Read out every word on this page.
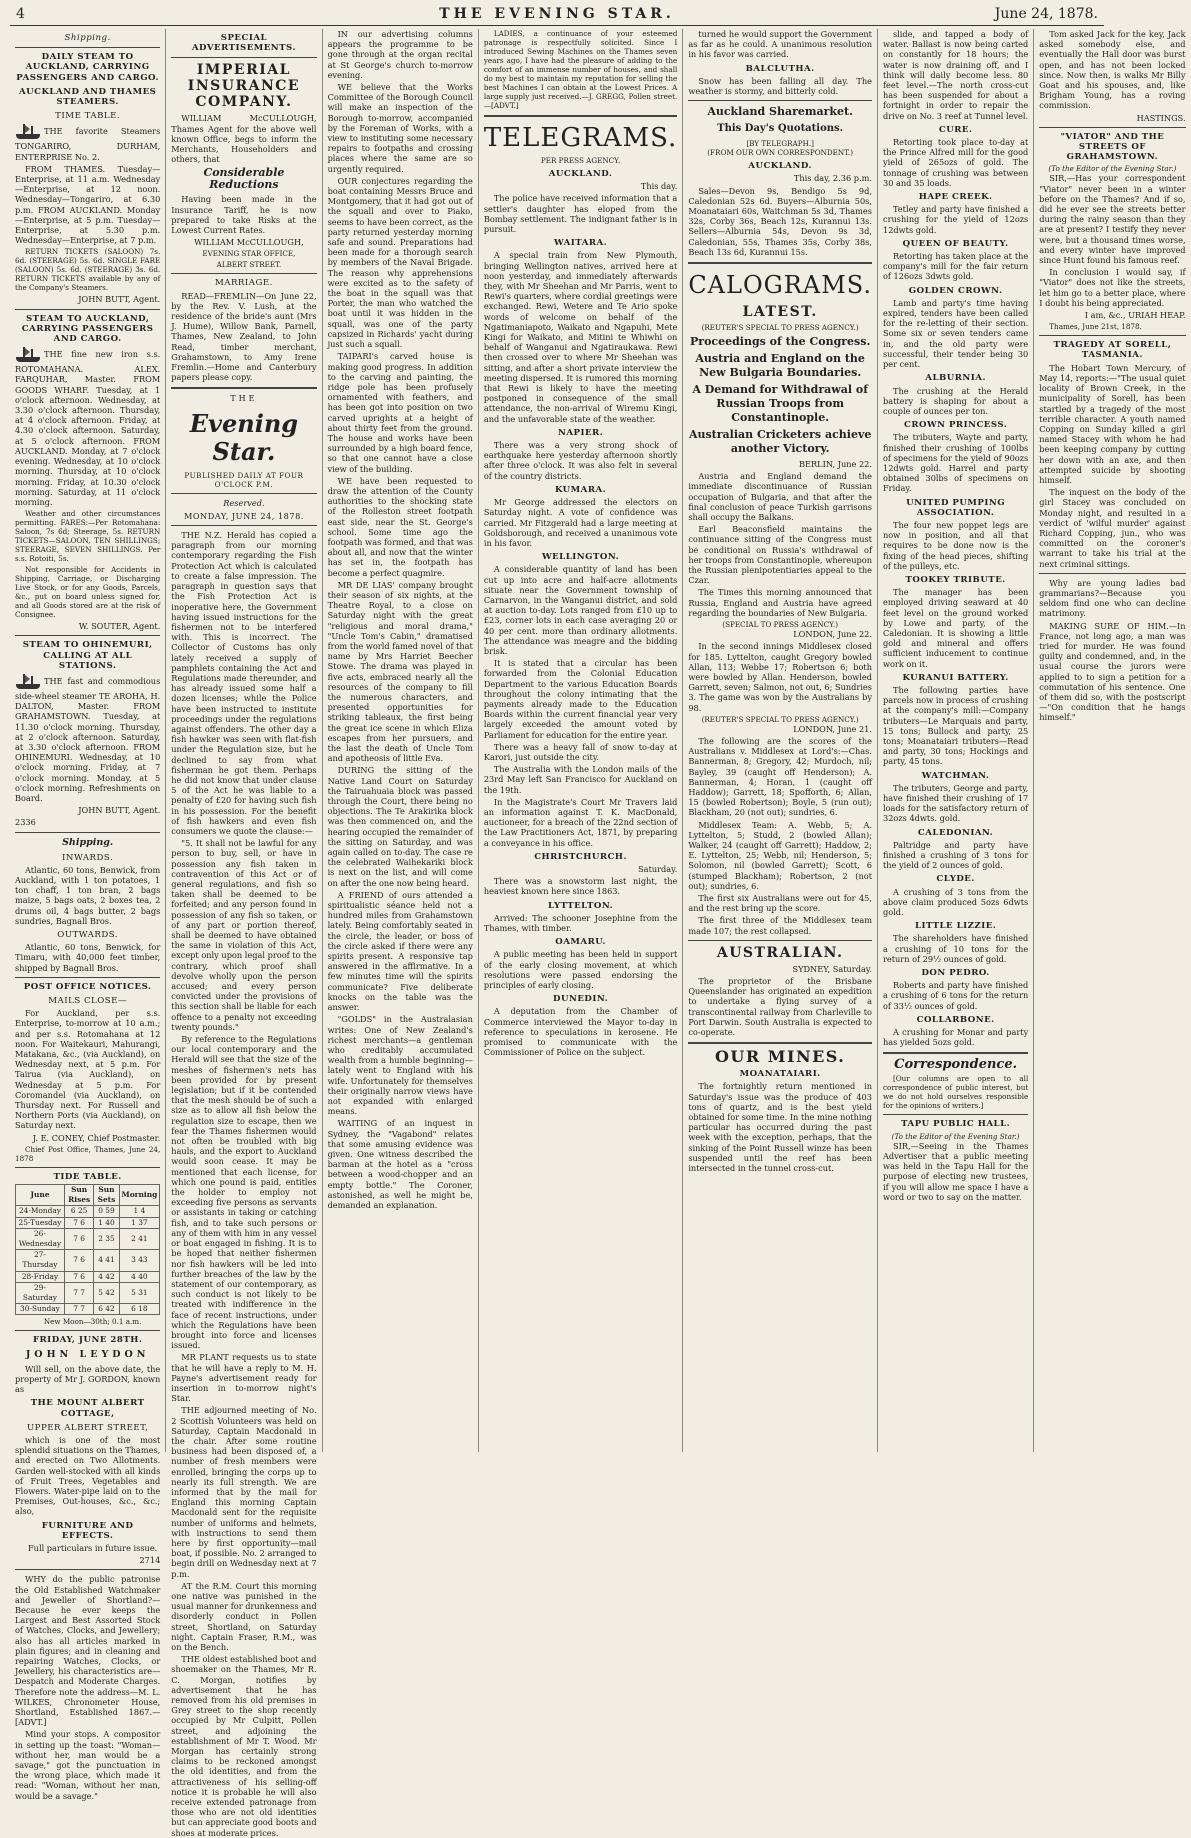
4	THE EVENING STAR.	June 24, 1878.
Shipping.
DAILY STEAM TO AUCKLAND, CARRYING PASSENGERS AND CARGO.
AUCKLAND AND THAMES STEAMERS.
TIME TABLE.

THE favorite Steamers TONGARIRO, DURHAM, ENTERPRISE No. 2.

FROM THAMES. Tuesday—Enterprise, at 11 a.m. Wednesday—Enterprise, at 12 noon. Wednesday—Tongariro, at 6.30 p.m. FROM AUCKLAND. Monday—Enterprise, at 5 p.m. Tuesday—Enterprise, at 5.30 p.m. Wednesday—Enterprise, at 7 p.m.

RETURN TICKETS (SALOON) 7s. 6d. (STEERAGE) 5s. 6d. SINGLE FARE (SALOON) 5s. 6d. (STEERAGE) 3s. 6d. RETURN TICKETS available by any of the Company's Steamers.

JOHN BUTT, Agent.

STEAM TO AUCKLAND, CARRYING PASSENGERS AND CARGO.

THE fine new iron s.s. ROTOMAHANA. ALEX. FARQUHAR, Master. FROM GOODS WHARF. Tuesday, at 1 o'clock afternoon. Wednesday, at 3.30 o'clock afternoon. Thursday, at 4 o'clock afternoon. Friday, at 4.30 o'clock afternoon. Saturday, at 5 o'clock afternoon. FROM AUCKLAND. Monday, at 7 o'clock evening. Wednesday, at 10 o'clock morning. Thursday, at 10 o'clock morning. Friday, at 10.30 o'clock morning. Saturday, at 11 o'clock morning.

Weather and other circumstances permitting. FARES:—Per Rotomahana: Saloon, 7s 6d; Steerage, 5s. RETURN TICKETS—SALOON, TEN SHILLINGS; STEERAGE, SEVEN SHILLINGS. Per s.s. Rotoiti, 5s.

Not responsible for Accidents in Shipping, Carriage, or Discharging Live Stock, or for any Goods, Parcels, &c., put on board unless signed for, and all Goods stored are at the risk of Consignee.

W. SOUTER, Agent.

STEAM TO OHINEMURI, CALLING AT ALL STATIONS.

THE fast and commodious side-wheel steamer TE AROHA, H. DALTON, Master. FROM GRAHAMSTOWN. Tuesday, at 11.30 o'clock morning. Thursday, at 2 o'clock afternoon. Saturday, at 3.30 o'clock afternoon. FROM OHINEMURI. Wednesday, at 10 o'clock morning. Friday, at 7 o'clock morning. Monday, at 5 o'clock morning. Refreshments on Board.

JOHN BUTT, Agent.

2336

Shipping.
INWARDS.

Atlantic, 60 tons, Benwick, from Auckland, with 1 ton potatoes, 1 ton chaff, 1 ton bran, 2 bags maize, 5 bags oats, 2 boxes tea, 2 drums oil, 4 bags butter, 2 bags sundries, Bagnall Bros.

OUTWARDS.

Atlantic, 60 tons, Benwick, for Timaru, with 40,000 feet timber, shipped by Bagnall Bros.

POST OFFICE NOTICES.
MAILS CLOSE—

For Auckland, per s.s. Enterprise, to-morrow at 10 a.m.; and per s.s. Rotomahana at 12 noon. For Waitekauri, Mahurangi, Matakana, &c., (via Auckland), on Wednesday next, at 5 p.m. For Tairua (via Auckland), on Wednesday at 5 p.m. For Coromandel (via Auckland), on Thursday next. For Russell and Northern Ports (via Auckland), on Saturday next.

J. E. CONEY, Chief Postmaster.

Chief Post Office, Thames, June 24, 1878

TIDE TABLE.
June	Sun Rises	Sun Sets	Morning
24-Monday	6 25	0 59	1 4
25-Tuesday	7 6	1 40	1 37
26-Wednesday	7 6	2 35	2 41
27-Thursday	7 6	4 41	3 43
28-Friday	7 6	4 42	4 40
29-Saturday	7 7	5 42	5 31
30-Sunday	7 7	6 42	6 18

New Moon—30th; 0.1 a.m.

FRIDAY, JUNE 28TH.
JOHN LEYDON

Will sell, on the above date, the property of Mr J. GORDON, known as

THE MOUNT ALBERT COTTAGE,
UPPER ALBERT STREET,

which is one of the most splendid situations on the Thames, and erected on Two Allotments. Garden well-stocked with all kinds of Fruit Trees, Vegetables and Flowers. Water-pipe laid on to the Premises, Out-houses, &c., &c.; also,

FURNITURE AND EFFECTS.

Full particulars in future issue.

2714

WHY do the public patronise the Old Established Watchmaker and Jeweller of Shortland?—Because he ever keeps the Largest and Best Assorted Stock of Watches, Clocks, and Jewellery; also has all articles marked in plain figures; and in cleaning and repairing Watches, Clocks, or Jewellery, his characteristics are—Despatch and Moderate Charges. Therefore note the address—M. L. WILKES, Chronometer House, Shortland, Established 1867.—[ADVT.]

Mind your stops. A compositor in setting up the toast: "Woman—without her, man would be a savage," got the punctuation in the wrong place, which made it read: "Woman, without her man, would be a savage."

SPECIAL ADVERTISEMENTS.
IMPERIAL INSURANCE COMPANY.

WILLIAM McCULLOUGH, Thames Agent for the above well known Office, begs to inform the Merchants, Householders and others, that

Considerable Reductions

Having been made in the Insurance Tariff, he is now prepared to take Risks at the Lowest Current Rates.

WILLIAM McCULLOUGH,

EVENING STAR OFFICE,

ALBERT STREET.

MARRIAGE.

READ—FREMLIN—On June 22, by the Rev. V. Lush, at the residence of the bride's aunt (Mrs J. Hume), Willow Bank, Parnell, Thames, New Zealand, to John Read, timber merchant, Grahamstown, to Amy Irene Fremlin.—Home and Canterbury papers please copy.

THE
Evening Star.
PUBLISHED DAILY AT FOUR O'CLOCK P.M.
Reserved.
MONDAY, JUNE 24, 1878.

THE N.Z. Herald has copied a paragraph from our morning contemporary regarding the Fish Protection Act which is calculated to create a false impression. The paragraph in question says that the Fish Protection Act is inoperative here, the Government having issued instructions for the fishermen not to be interfered with. This is incorrect. The Collector of Customs has only lately received a supply of pamphlets containing the Act and Regulations made thereunder, and has already issued some half a dozen licenses; while the Police have been instructed to institute proceedings under the regulations against offenders. The other day a fish hawker was seen with flat-fish under the Regulation size, but he declined to say from what fisherman he got them. Perhaps he did not know that under clause 5 of the Act he was liable to a penalty of £20 for having such fish in his possession. For the benefit of fish hawkers and even fish consumers we quote the clause:—

"5. It shall not be lawful for any person to buy, sell, or have in possession any fish taken in contravention of this Act or of general regulations, and fish so taken shall be deemed to be forfeited; and any person found in possession of any fish so taken, or of any part or portion thereof, shall be deemed to have obtained the same in violation of this Act, except only upon legal proof to the contrary, which proof shall devolve wholly upon the person accused; and every person convicted under the provisions of this section shall be liable for each offence to a penalty not exceeding twenty pounds."

By reference to the Regulations our local contemporary and the Herald will see that the size of the meshes of fishermen's nets has been provided for by present legislation; but if it be contended that the mesh should be of such a size as to allow all fish below the regulation size to escape, then we fear the Thames fishermen would not often be troubled with big hauls, and the export to Auckland would soon cease. It may be mentioned that each license, for which one pound is paid, entitles the holder to employ not exceeding five persons as servants or assistants in taking or catching fish, and to take such persons or any of them with him in any vessel or boat engaged in fishing. It is to be hoped that neither fishermen nor fish hawkers will be led into further breaches of the law by the statement of our contemporary, as such conduct is not likely to be treated with indifference in the face of recent instructions, under which the Regulations have been brought into force and licenses issued.

MR PLANT requests us to state that he will have a reply to M. H. Payne's advertisement ready for insertion in to-morrow night's Star.

THE adjourned meeting of No. 2 Scottish Volunteers was held on Saturday, Captain Macdonald in the chair. After some routine business had been disposed of, a number of fresh members were enrolled, bringing the corps up to nearly its full strength. We are informed that by the mail for England this morning Captain Macdonald sent for the requisite number of uniforms and helmets, with instructions to send them here by first opportunity—mail boat, if possible. No. 2 arranged to begin drill on Wednesday next at 7 p.m.

AT the R.M. Court this morning one native was punished in the usual manner for drunkenness and disorderly conduct in Pollen street, Shortland, on Saturday night. Captain Fraser, R.M., was on the Bench.

THE oldest established boot and shoemaker on the Thames, Mr R. C. Morgan, notifies by advertisement that he has removed from his old premises in Grey street to the shop recently occupied by Mr Culpitt, Pollen street, and adjoining the establishment of Mr T. Wood. Mr Morgan has certainly strong claims to be reckoned amongst the old identities, and from the attractiveness of his selling-off notice it is probable he will also receive extended patronage from those who are not old identities but can appreciate good boots and shoes at moderate prices.

IN our advertising columns appears the programme to be gone through at the organ recital at St George's church to-morrow evening.

WE believe that the Works Committee of the Borough Council will make an inspection of the Borough to-morrow, accompanied by the Foreman of Works, with a view to instituting some necessary repairs to footpaths and crossing places where the same are so urgently required.

OUR conjectures regarding the boat containing Messrs Bruce and Montgomery, that it had got out of the squall and over to Piako, seems to have been correct, as the party returned yesterday morning safe and sound. Preparations had been made for a thorough search by members of the Naval Brigade. The reason why apprehensions were excited as to the safety of the boat in the squall was that Porter, the man who watched the boat until it was hidden in the squall, was one of the party capsized in Richards' yacht during just such a squall.

TAIPARI's carved house is making good progress. In addition to the carving and painting, the ridge pole has been profusely ornamented with feathers, and has been got into position on two carved uprights at a height of about thirty feet from the ground. The house and works have been surrounded by a high board fence, so that one cannot have a close view of the building.

WE have been requested to draw the attention of the County authorities to the shocking state of the Rolleston street footpath east side, near the St. George's school. Some time ago the footpath was formed, and that was about all, and now that the winter has set in, the footpath has become a perfect quagmire.

MR DE LIAS' company brought their season of six nights, at the Theatre Royal, to a close on Saturday night with the great "religious and moral drama," "Uncle Tom's Cabin," dramatised from the world famed novel of that name by Mrs Harriet Beecher Stowe. The drama was played in five acts, embraced nearly all the resources of the company to fill the numerous characters, and presented opportunities for striking tableaux, the first being the great ice scene in which Eliza escapes from her pursuers, and the last the death of Uncle Tom and apotheosis of little Eva.

DURING the sitting of the Native Land Court on Saturday the Tairuahuaia block was passed through the Court, there being no objections. The Te Arakirika block was then commenced on, and the hearing occupied the remainder of the sitting on Saturday, and was again called on to-day. The case re the celebrated Waihekariki block is next on the list, and will come on after the one now being heard.

A FRIEND of ours attended a spiritualistic séance held not a hundred miles from Grahamstown lately. Being comfortably seated in the circle, the leader, or boss of the circle asked if there were any spirits present. A responsive tap answered in the affirmative. In a few minutes time will the spirits communicate? Five deliberate knocks on the table was the answer.

"GOLDS" in the Australasian writes: One of New Zealand's richest merchants—a gentleman who creditably accumulated wealth from a humble beginning—lately went to England with his wife. Unfortunately for themselves their originally narrow views have not expanded with enlarged means.

WAITING of an inquest in Sydney, the "Vagabond" relates that some amusing evidence was given. One witness described the barman at the hotel as a "cross between a wood-chopper and an empty bottle." The Coroner, astonished, as well he might be, demanded an explanation.

LADIES, a continuance of your esteemed patronage is respectfully solicited. Since I introduced Sewing Machines on the Thames seven years ago, I have had the pleasure of adding to the comfort of an immense number of houses, and shall do my best to maintain my reputation for selling the best Machines I can obtain at the Lowest Prices. A large supply just received.—J. GREGG, Pollen street.—[ADVT.]

TELEGRAMS.
PER PRESS AGENCY.
AUCKLAND.

This day.

The police have received information that a settler's daughter has eloped from the Bombay settlement. The indignant father is in pursuit.

WAITARA.

A special train from New Plymouth, bringing Wellington natives, arrived here at noon yesterday, and immediately afterwards they, with Mr Sheehan and Mr Parris, went to Rewi's quarters, where cordial greetings were exchanged. Rewi, Wetere and Te Ario spoke words of welcome on behalf of the Ngatimaniapoto, Waikato and Ngapuhi, Mete Kingi for Waikato, and Mitini te Whiwhi on behalf of Wanganui and Ngatiraukawa. Rewi then crossed over to where Mr Sheehan was sitting, and after a short private interview the meeting dispersed. It is rumored this morning that Rewi is likely to have the meeting postponed in consequence of the small attendance, the non-arrival of Wiremu Kingi, and the unfavorable state of the weather.

NAPIER.

There was a very strong shock of earthquake here yesterday afternoon shortly after three o'clock. It was also felt in several of the country districts.

KUMARA.

Mr George addressed the electors on Saturday night. A vote of confidence was carried. Mr Fitzgerald had a large meeting at Goldsborough, and received a unanimous vote in his favor.

WELLINGTON.

A considerable quantity of land has been cut up into acre and half-acre allotments situate near the Government township of Carnarvon, in the Wanganui district, and sold at auction to-day. Lots ranged from £10 up to £23, corner lots in each case averaging 20 or 40 per cent. more than ordinary allotments. The attendance was meagre and the bidding brisk.

It is stated that a circular has been forwarded from the Colonial Education Department to the various Education Boards throughout the colony intimating that the payments already made to the Education Boards within the current financial year very largely exceeded the amount voted by Parliament for education for the entire year.

There was a heavy fall of snow to-day at Karori, just outside the city.

The Australia with the London mails of the 23rd May left San Francisco for Auckland on the 19th.

In the Magistrate's Court Mr Travers laid an information against T. K. MacDonald, auctioneer, for a breach of the 22nd section of the Law Practitioners Act, 1871, by preparing a conveyance in his office.

CHRISTCHURCH.

Saturday.

There was a snowstorm last night, the heaviest known here since 1863.

LYTTELTON.

Arrived: The schooner Josephine from the Thames, with timber.

OAMARU.

A public meeting has been held in support of the early closing movement, at which resolutions were passed endorsing the principles of early closing.

DUNEDIN.

A deputation from the Chamber of Commerce interviewed the Mayor to-day in reference to speculations in kerosene. He promised to communicate with the Commissioner of Police on the subject.

turned he would support the Government as far as he could. A unanimous resolution in his favor was carried.

BALCLUTHA.

Snow has been falling all day. The weather is stormy, and bitterly cold.

Auckland Sharemarket.
This Day's Quotations.
[BY TELEGRAPH.]
(FROM OUR OWN CORRESPONDENT.)
AUCKLAND.

This day, 2.36 p.m.

Sales—Devon 9s, Bendigo 5s 9d, Caledonian 52s 6d. Buyers—Alburnia 50s, Moanataiari 60s, Waitchman 5s 3d, Thames 32s, Corby 36s, Beach 12s, Kurannui 13s. Sellers—Alburnia 54s, Devon 9s 3d, Caledonian, 55s, Thames 35s, Corby 38s, Beach 13s 6d, Kurannui 15s.

CALOGRAMS.
LATEST.
(REUTER'S SPECIAL TO PRESS AGENCY.)
Proceedings of the Congress.
Austria and England on the New Bulgaria Boundaries.
A Demand for Withdrawal of Russian Troops from Constantinople.
Australian Cricketers achieve another Victory.

BERLIN, June 22.

Austria and England demand the immediate discontinuance of Russian occupation of Bulgaria, and that after the final conclusion of peace Turkish garrisons shall occupy the Balkans.

Earl Beaconsfield maintains the continuance sitting of the Congress must be conditional on Russia's withdrawal of her troops from Constantinople, whereupon the Russian plenipotentiaries appeal to the Czar.

The Times this morning announced that Russia, England and Austria have agreed regarding the boundaries of New Bulgaria.

(SPECIAL TO PRESS AGENCY.)

LONDON, June 22.

In the second innings Middlesex closed for 185. Lyttelton, caught Gregory bowled Allan, 113; Webbe 17; Robertson 6; both were bowled by Allan. Henderson, bowled Garrett, seven; Salmon, not out, 6; Sundries 3. The game was won by the Australians by 98.

(REUTER'S SPECIAL TO PRESS AGENCY.)

LONDON, June 21.

The following are the scores of the Australians v. Middlesex at Lord's:—Chas. Bannerman, 8; Gregory, 42; Murdoch, nil; Bayley, 39 (caught off Henderson); A. Bannerman, 4; Horan, 1 (caught off Haddow); Garrett, 18; Spofforth, 6; Allan, 15 (bowled Robertson); Boyle, 5 (run out); Blackham, 20 (not out); sundries, 6.

Middlesex Team: A. Webb, 5; A. Lyttelton, 5; Studd, 2 (bowled Allan); Walker, 24 (caught off Garrett); Haddow, 2; E. Lyttelton, 25; Webb, nil; Henderson, 5; Solomon, nil (bowled Garrett); Scott, 6 (stumped Blackham); Robertson, 2 (not out); sundries, 6.

The first six Australians were out for 45, and the rest bring up the score.

The first three of the Middlesex team made 107; the rest collapsed.

AUSTRALIAN.

SYDNEY, Saturday.

The proprietor of the Brisbane Queenslander has originated an expedition to undertake a flying survey of a transcontinental railway from Charleville to Port Darwin. South Australia is expected to co-operate.

OUR MINES.
MOANATAIARI.

The fortnightly return mentioned in Saturday's issue was the produce of 403 tons of quartz, and is the best yield obtained for some time. In the mine nothing particular has occurred during the past week with the exception, perhaps, that the sinking of the Point Russell winze has been suspended until the reef has been intersected in the tunnel cross-cut.

slide, and tapped a body of water. Ballast is now being carted on constantly for 18 hours; the water is now draining off, and I think will daily become less. 80 feet level.—The north cross-cut has been suspended for about a fortnight in order to repair the drive on No. 3 reef at Tunnel level.

CURE.

Retorting took place to-day at the Prince Alfred mill for the good yield of 265ozs of gold. The tonnage of crushing was between 30 and 35 loads.

HAPE CREEK.

Tetley and party have finished a crushing for the yield of 12ozs 12dwts gold.

QUEEN OF BEAUTY.

Retorting has taken place at the company's mill for the fair return of 126ozs 3dwts gold.

GOLDEN CROWN.

Lamb and party's time having expired, tenders have been called for the re-letting of their section. Some six or seven tenders came in, and the old party were successful, their tender being 30 per cent.

ALBURNIA.

The crushing at the Herald battery is shaping for about a couple of ounces per ton.

CROWN PRINCESS.

The tributers, Wayte and party, finished their crushing of 100lbs of specimens for the yield of 90ozs 12dwts gold. Harrel and party obtained 30lbs of specimens on Friday.

UNITED PUMPING ASSOCIATION.

The four new poppet legs are now in position, and all that requires to be done now is the fixing of the head pieces, shifting of the pulleys, etc.

TOOKEY TRIBUTE.

The manager has been employed driving seaward at 40 feet level on the ground worked by Lowe and party, of the Caledonian. It is showing a little gold and mineral and offers sufficient inducement to continue work on it.

KURANUI BATTERY.

The following parties have parcels now in process of crushing at the company's mill:—Company tributers—Le Marquais and party, 15 tons; Bullock and party, 25 tons; Moanataiari tributers—Read and party, 30 tons; Hockings and party, 45 tons.

WATCHMAN.

The tributers, George and party, have finished their crushing of 17 loads for the satisfactory return of 32ozs 4dwts. gold.

CALEDONIAN.

Paltridge and party have finished a crushing of 3 tons for the yield of 2 ounces of gold.

CLYDE.

A crushing of 3 tons from the above claim produced 5ozs 6dwts gold.

LITTLE LIZZIE.

The shareholders have finished a crushing of 10 tons for the return of 29½ ounces of gold.

DON PEDRO.

Roberts and party have finished a crushing of 6 tons for the return of 33½ ounces of gold.

COLLARBONE.

A crushing for Monar and party has yielded 5ozs gold.

Correspondence.

[Our columns are open to all correspondence of public interest, but we do not hold ourselves responsible for the opinions of writers.]

TAPU PUBLIC HALL.
(To the Editor of the Evening Star.)

SIR,—Seeing in the Thames Advertiser that a public meeting was held in the Tapu Hall for the purpose of electing new trustees, if you will allow me space I have a word or two to say on the matter.

Tom asked Jack for the key, Jack asked somebody else, and eventually the Hall door was burst open, and has not been locked since. Now then, is walks Mr Billy Goat and his spouses, and, like Brigham Young, has a roving commission.

HASTINGS.

"VIATOR" AND THE STREETS OF GRAHAMSTOWN.
(To the Editor of the Evening Star.)

SIR,—Has your correspondent "Viator" never been in a winter before on the Thames? And if so, did he ever see the streets better during the rainy season than they are at present? I testify they never were, but a thousand times worse, and every winter have improved since Hunt found his famous reef.

In conclusion I would say, if "Viator" does not like the streets, let him go to a better place, where I doubt his being appreciated.

I am, &c., URIAH HEAP.

Thames, June 21st, 1878.

TRAGEDY AT SORELL, TASMANIA.

The Hobart Town Mercury, of May 14, reports:—"The usual quiet locality of Brown Creek, in the municipality of Sorell, has been startled by a tragedy of the most terrible character. A youth named Copping on Sunday killed a girl named Stacey with whom he had been keeping company by cutting her down with an axe, and then attempted suicide by shooting himself.

The inquest on the body of the girl Stacey was concluded on Monday night, and resulted in a verdict of 'wilful murder' against Richard Copping, jun., who was committed on the coroner's warrant to take his trial at the next criminal sittings.

Why are young ladies bad grammarians?—Because you seldom find one who can decline matrimony.

MAKING SURE OF HIM.—In France, not long ago, a man was tried for murder. He was found guilty and condemned, and, in the usual course the jurors were applied to to sign a petition for a commutation of his sentence. One of them did so, with the postscript—"On condition that he hangs himself."
